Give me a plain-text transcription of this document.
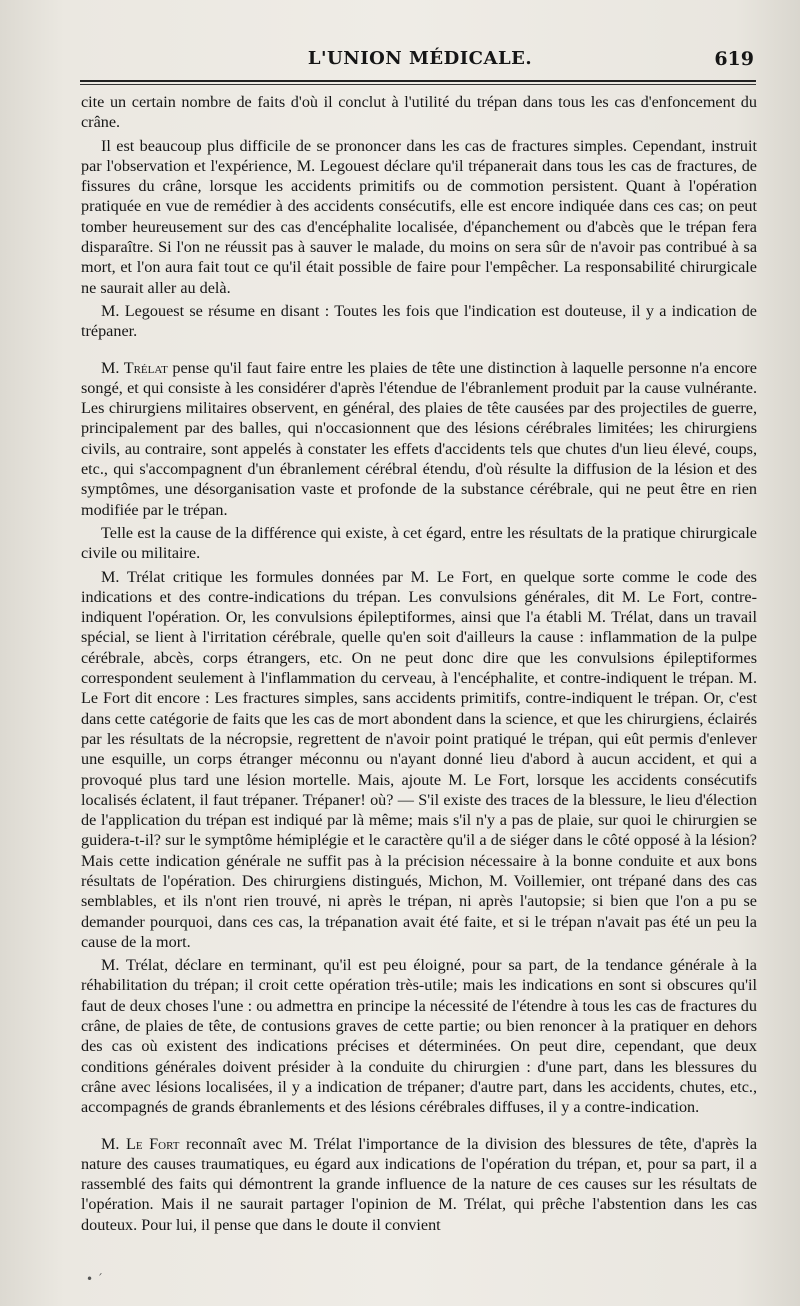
L'UNION MÉDICALE.	619

cite un certain nombre de faits d'où il conclut à l'utilité du trépan dans tous les cas d'enfoncement du crâne.

Il est beaucoup plus difficile de se prononcer dans les cas de fractures simples. Cependant, instruit par l'observation et l'expérience, M. Legouest déclare qu'il trépanerait dans tous les cas de fractures, de fissures du crâne, lorsque les accidents primitifs ou de commotion persistent. Quant à l'opération pratiquée en vue de remédier à des accidents consécutifs, elle est encore indiquée dans ces cas; on peut tomber heureusement sur des cas d'encéphalite localisée, d'épanchement ou d'abcès que le trépan fera disparaître. Si l'on ne réussit pas à sauver le malade, du moins on sera sûr de n'avoir pas contribué à sa mort, et l'on aura fait tout ce qu'il était possible de faire pour l'empêcher. La responsabilité chirurgicale ne saurait aller au delà.

M. Legouest se résume en disant : Toutes les fois que l'indication est douteuse, il y a indication de trépaner.

M. Trélat pense qu'il faut faire entre les plaies de tête une distinction à laquelle personne n'a encore songé, et qui consiste à les considérer d'après l'étendue de l'ébranlement produit par la cause vulnérante. Les chirurgiens militaires observent, en général, des plaies de tête causées par des projectiles de guerre, principalement par des balles, qui n'occasionnent que des lésions cérébrales limitées; les chirurgiens civils, au contraire, sont appelés à constater les effets d'accidents tels que chutes d'un lieu élevé, coups, etc., qui s'accompagnent d'un ébranlement cérébral étendu, d'où résulte la diffusion de la lésion et des symptômes, une désorganisation vaste et profonde de la substance cérébrale, qui ne peut être en rien modifiée par le trépan.

Telle est la cause de la différence qui existe, à cet égard, entre les résultats de la pratique chirurgicale civile ou militaire.

M. Trélat critique les formules données par M. Le Fort, en quelque sorte comme le code des indications et des contre-indications du trépan. Les convulsions générales, dit M. Le Fort, contre-indiquent l'opération. Or, les convulsions épileptiformes, ainsi que l'a établi M. Trélat, dans un travail spécial, se lient à l'irritation cérébrale, quelle qu'en soit d'ailleurs la cause : inflammation de la pulpe cérébrale, abcès, corps étrangers, etc. On ne peut donc dire que les convulsions épileptiformes correspondent seulement à l'inflammation du cerveau, à l'encéphalite, et contre-indiquent le trépan. M. Le Fort dit encore : Les fractures simples, sans accidents primitifs, contre-indiquent le trépan. Or, c'est dans cette catégorie de faits que les cas de mort abondent dans la science, et que les chirurgiens, éclairés par les résultats de la nécropsie, regrettent de n'avoir point pratiqué le trépan, qui eût permis d'enlever une esquille, un corps étranger méconnu ou n'ayant donné lieu d'abord à aucun accident, et qui a provoqué plus tard une lésion mortelle. Mais, ajoute M. Le Fort, lorsque les accidents consécutifs localisés éclatent, il faut trépaner. Trépaner! où? — S'il existe des traces de la blessure, le lieu d'élection de l'application du trépan est indiqué par là même; mais s'il n'y a pas de plaie, sur quoi le chirurgien se guidera-t-il? sur le symptôme hémiplégie et le caractère qu'il a de siéger dans le côté opposé à la lésion? Mais cette indication générale ne suffit pas à la précision nécessaire à la bonne conduite et aux bons résultats de l'opération. Des chirurgiens distingués, Michon, M. Voillemier, ont trépané dans des cas semblables, et ils n'ont rien trouvé, ni après le trépan, ni après l'autopsie; si bien que l'on a pu se demander pourquoi, dans ces cas, la trépanation avait été faite, et si le trépan n'avait pas été un peu la cause de la mort.

M. Trélat, déclare en terminant, qu'il est peu éloigné, pour sa part, de la tendance générale à la réhabilitation du trépan; il croit cette opération très-utile; mais les indications en sont si obscures qu'il faut de deux choses l'une : ou admettra en principe la nécessité de l'étendre à tous les cas de fractures du crâne, de plaies de tête, de contusions graves de cette partie; ou bien renoncer à la pratiquer en dehors des cas où existent des indications précises et déterminées. On peut dire, cependant, que deux conditions générales doivent présider à la conduite du chirurgien : d'une part, dans les blessures du crâne avec lésions localisées, il y a indication de trépaner; d'autre part, dans les accidents, chutes, etc., accompagnés de grands ébranlements et des lésions cérébrales diffuses, il y a contre-indication.

M. Le Fort reconnaît avec M. Trélat l'importance de la division des blessures de tête, d'après la nature des causes traumatiques, eu égard aux indications de l'opération du trépan, et, pour sa part, il a rassemblé des faits qui démontrent la grande influence de la nature de ces causes sur les résultats de l'opération. Mais il ne saurait partager l'opinion de M. Trélat, qui prêche l'abstention dans les cas douteux. Pour lui, il pense que dans le doute il convient

• ˊ
